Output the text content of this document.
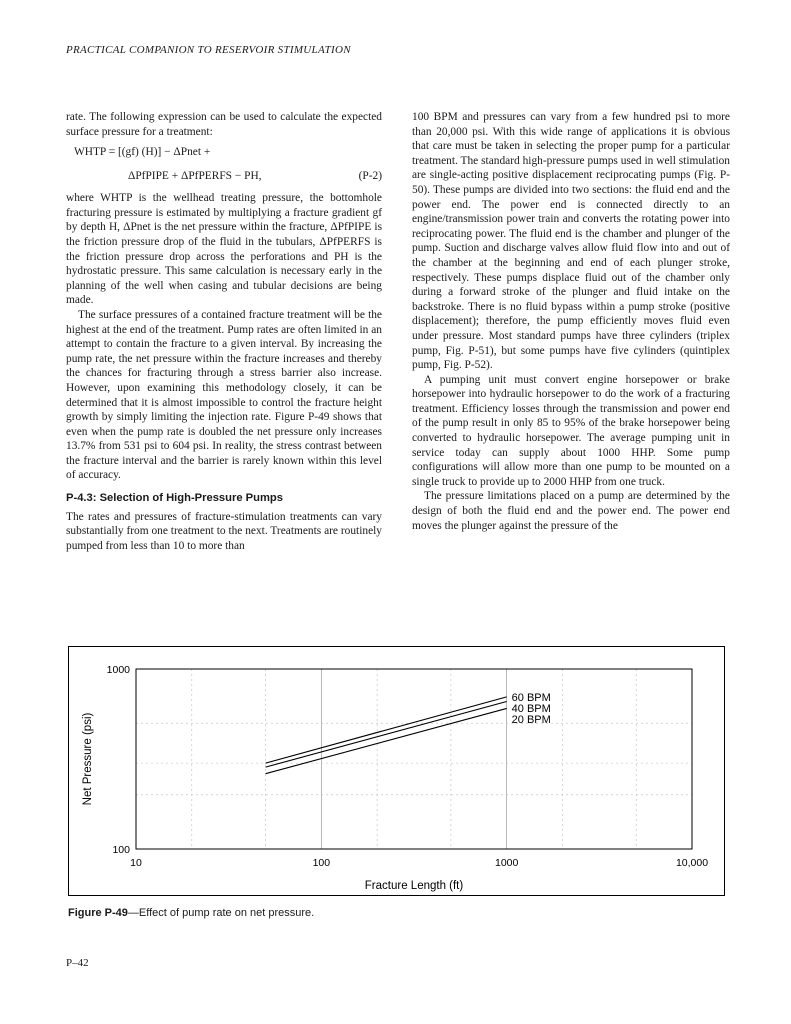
PRACTICAL COMPANION TO RESERVOIR STIMULATION

rate. The following expression can be used to calculate the expected surface pressure for a treatment:

WHTP = [(gf) (H)] − ΔPnet +
ΔPfPIPE + ΔPfPERFS − PH,	(P-2)

where WHTP is the wellhead treating pressure, the bottomhole fracturing pressure is estimated by multiplying a fracture gradient gf by depth H, ΔPnet is the net pressure within the fracture, ΔPfPIPE is the friction pressure drop of the fluid in the tubulars, ΔPfPERFS is the friction pressure drop across the perforations and PH is the hydrostatic pressure. This same calculation is necessary early in the planning of the well when casing and tubular decisions are being made.

The surface pressures of a contained fracture treatment will be the highest at the end of the treatment. Pump rates are often limited in an attempt to contain the fracture to a given interval. By increasing the pump rate, the net pressure within the fracture increases and thereby the chances for fracturing through a stress barrier also increase. However, upon examining this methodology closely, it can be determined that it is almost impossible to control the fracture height growth by simply limiting the injection rate. Figure P-49 shows that even when the pump rate is doubled the net pressure only increases 13.7% from 531 psi to 604 psi. In reality, the stress contrast between the fracture interval and the barrier is rarely known within this level of accuracy.

P-4.3: Selection of High-Pressure Pumps

The rates and pressures of fracture-stimulation treatments can vary substantially from one treatment to the next. Treatments are routinely pumped from less than 10 to more than

100 BPM and pressures can vary from a few hundred psi to more than 20,000 psi. With this wide range of applications it is obvious that care must be taken in selecting the proper pump for a particular treatment. The standard high-pressure pumps used in well stimulation are single-acting positive displacement reciprocating pumps (Fig. P-50). These pumps are divided into two sections: the fluid end and the power end. The power end is connected directly to an engine/transmission power train and converts the rotating power into reciprocating power. The fluid end is the chamber and plunger of the pump. Suction and discharge valves allow fluid flow into and out of the chamber at the beginning and end of each plunger stroke, respectively. These pumps displace fluid out of the chamber only during a forward stroke of the plunger and fluid intake on the backstroke. There is no fluid bypass within a pump stroke (positive displacement); therefore, the pump efficiently moves fluid even under pressure. Most standard pumps have three cylinders (triplex pump, Fig. P-51), but some pumps have five cylinders (quintiplex pump, Fig. P-52).

A pumping unit must convert engine horsepower or brake horsepower into hydraulic horsepower to do the work of a fracturing treatment. Efficiency losses through the transmission and power end of the pump result in only 85 to 95% of the brake horsepower being converted to hydraulic horsepower. The average pumping unit in service today can supply about 1000 HHP. Some pump configurations will allow more than one pump to be mounted on a single truck to provide up to 2000 HHP from one truck.

The pressure limitations placed on a pump are determined by the design of both the fluid end and the power end. The power end moves the plunger against the pressure of the

60 BPM
40 BPM
20 BPM
10	100	1000	10,000
100
1000
Fracture Length (ft)
Net Pressure (psi)
Figure P-49—Effect of pump rate on net pressure.
P–42
